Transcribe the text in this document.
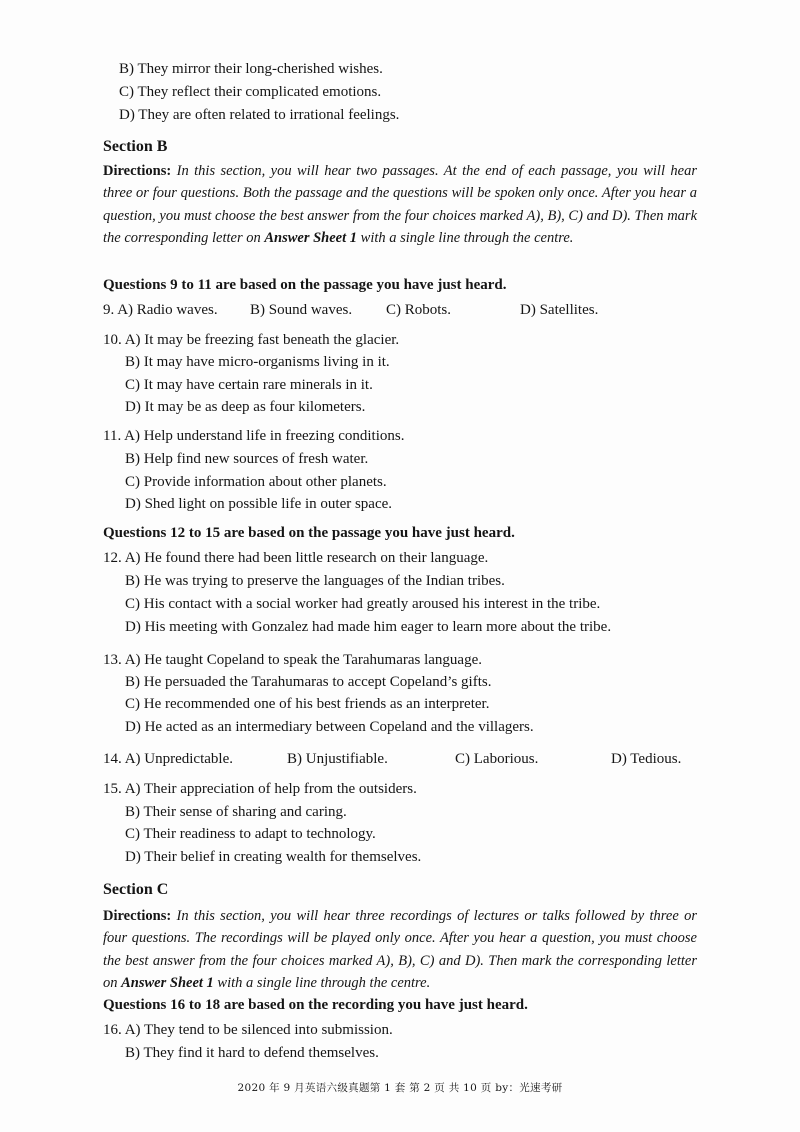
B) They mirror their long-cherished wishes.
C) They reflect their complicated emotions.
D) They are often related to irrational feelings.
Section B
Directions: In this section, you will hear two passages. At the end of each passage, you will hear three or four questions. Both the passage and the questions will be spoken only once. After you hear a question, you must choose the best answer from the four choices marked A), B), C) and D). Then mark the corresponding letter on Answer Sheet 1 with a single line through the centre.
Questions 9 to 11 are based on the passage you have just heard.
9. A) Radio waves. B) Sound waves. C) Robots.	D) Satellites.
10. A) It may be freezing fast beneath the glacier.
B) It may have micro-organisms living in it.
C) It may have certain rare minerals in it.
D) It may be as deep as four kilometers.
11. A) Help understand life in freezing conditions.
B) Help find new sources of fresh water.
C) Provide information about other planets.
D) Shed light on possible life in outer space.
Questions 12 to 15 are based on the passage you have just heard.
12. A) He found there had been little research on their language.
B) He was trying to preserve the languages of the Indian tribes.
C) His contact with a social worker had greatly aroused his interest in the tribe.
D) His meeting with Gonzalez had made him eager to learn more about the tribe.
13. A) He taught Copeland to speak the Tarahumaras language.
B) He persuaded the Tarahumaras to accept Copeland’s gifts.
C) He recommended one of his best friends as an interpreter.
D) He acted as an intermediary between Copeland and the villagers.
14. A) Unpredictable.	B) Unjustifiable.	C) Laborious.	D) Tedious.
15. A) Their appreciation of help from the outsiders.
B) Their sense of sharing and caring.
C) Their readiness to adapt to technology.
D) Their belief in creating wealth for themselves.
Section C
Directions: In this section, you will hear three recordings of lectures or talks followed by three or four questions. The recordings will be played only once. After you hear a question, you must choose the best answer from the four choices marked A), B), C) and D). Then mark the corresponding letter on Answer Sheet 1 with a single line through the centre.
Questions 16 to 18 are based on the recording you have just heard.
16. A) They tend to be silenced into submission.
B) They find it hard to defend themselves.
2020 年 9 月英语六级真题第 1 套 第 2 页 共 10 页 by：光速考研
